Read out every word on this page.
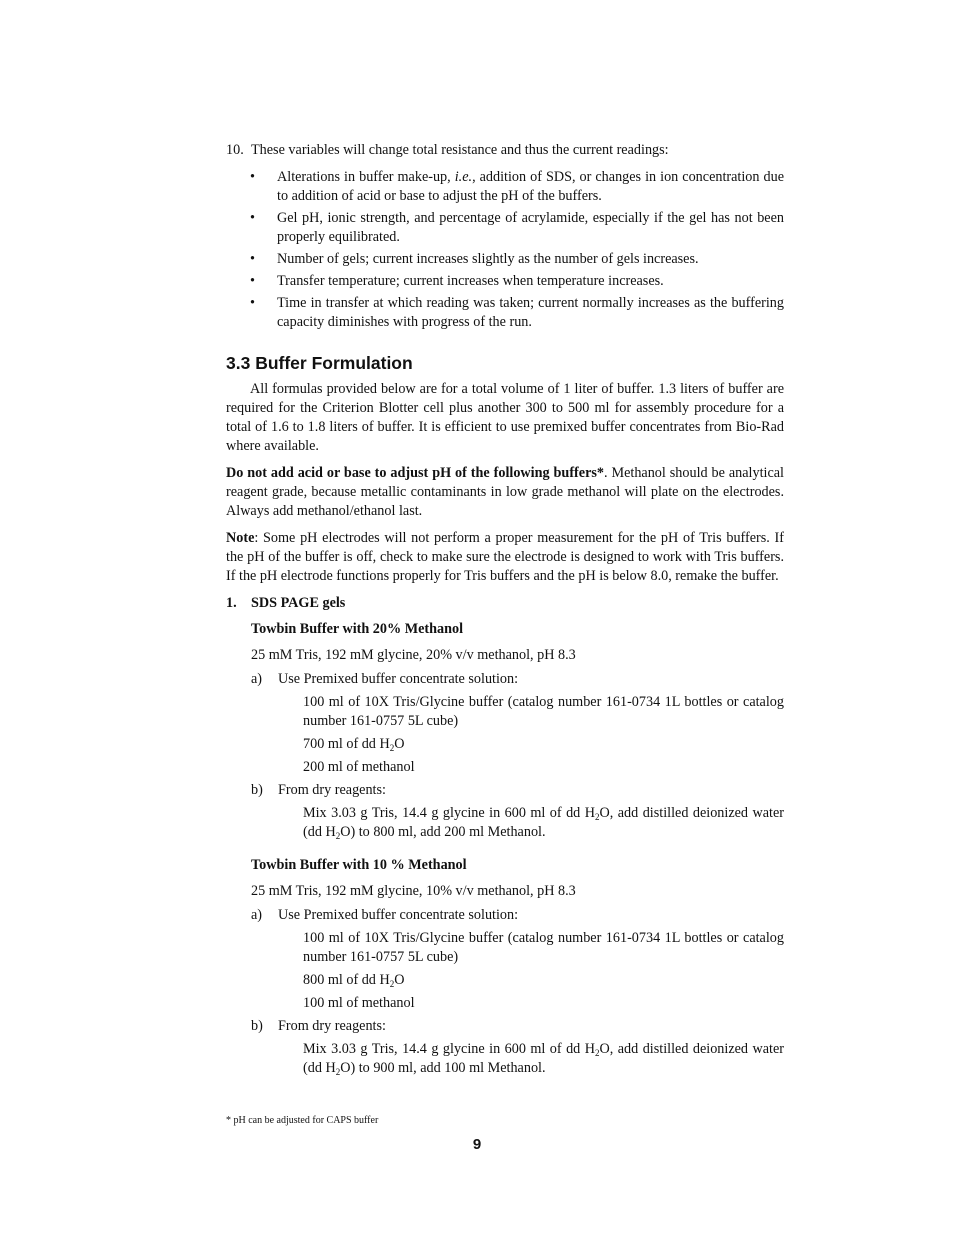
10. These variables will change total resistance and thus the current readings:
•	Alterations in buffer make-up, i.e., addition of SDS, or changes in ion concentration due to addition of acid or base to adjust the pH of the buffers.
•	Gel pH, ionic strength, and percentage of acrylamide, especially if the gel has not been properly equilibrated.
•	Number of gels; current increases slightly as the number of gels increases.
•	Transfer temperature; current increases when temperature increases.
•	Time in transfer at which reading was taken; current normally increases as the buffering capacity diminishes with progress of the run.
3.3 Buffer Formulation

All formulas provided below are for a total volume of 1 liter of buffer. 1.3 liters of buffer are required for the Criterion Blotter cell plus another 300 to 500 ml for assembly procedure for a total of 1.6 to 1.8 liters of buffer. It is efficient to use premixed buffer concentrates from Bio-Rad where available.

Do not add acid or base to adjust pH of the following buffers*. Methanol should be analytical reagent grade, because metallic contaminants in low grade methanol will plate on the electrodes. Always add methanol/ethanol last.

Note: Some pH electrodes will not perform a proper measurement for the pH of Tris buffers. If the pH of the buffer is off, check to make sure the electrode is designed to work with Tris buffers. If the pH electrode functions properly for Tris buffers and the pH is below 8.0, remake the buffer.

1.	SDS PAGE gels
Towbin Buffer with 20% Methanol
25 mM Tris, 192 mM glycine, 20% v/v methanol, pH 8.3
a)	Use Premixed buffer concentrate solution:
100 ml of 10X Tris/Glycine buffer (catalog number 161-0734 1L bottles or catalog number 161-0757 5L cube)
700 ml of dd $H_2O$
200 ml of methanol
b)	From dry reagents:
Mix 3.03 g Tris, 14.4 g glycine in 600 ml of dd $H_2O$, add distilled deionized water (dd $H_2O$) to 800 ml, add 200 ml Methanol.
Towbin Buffer with 10 % Methanol
25 mM Tris, 192 mM glycine, 10% v/v methanol, pH 8.3
a)	Use Premixed buffer concentrate solution:
100 ml of 10X Tris/Glycine buffer (catalog number 161-0734 1L bottles or catalog number 161-0757 5L cube)
800 ml of dd $H_2O$
100 ml of methanol
b)	From dry reagents:
Mix 3.03 g Tris, 14.4 g glycine in 600 ml of dd $H_2O$, add distilled deionized water (dd $H_2O$) to 900 ml, add 100 ml Methanol.
* pH can be adjusted for CAPS buffer
9
